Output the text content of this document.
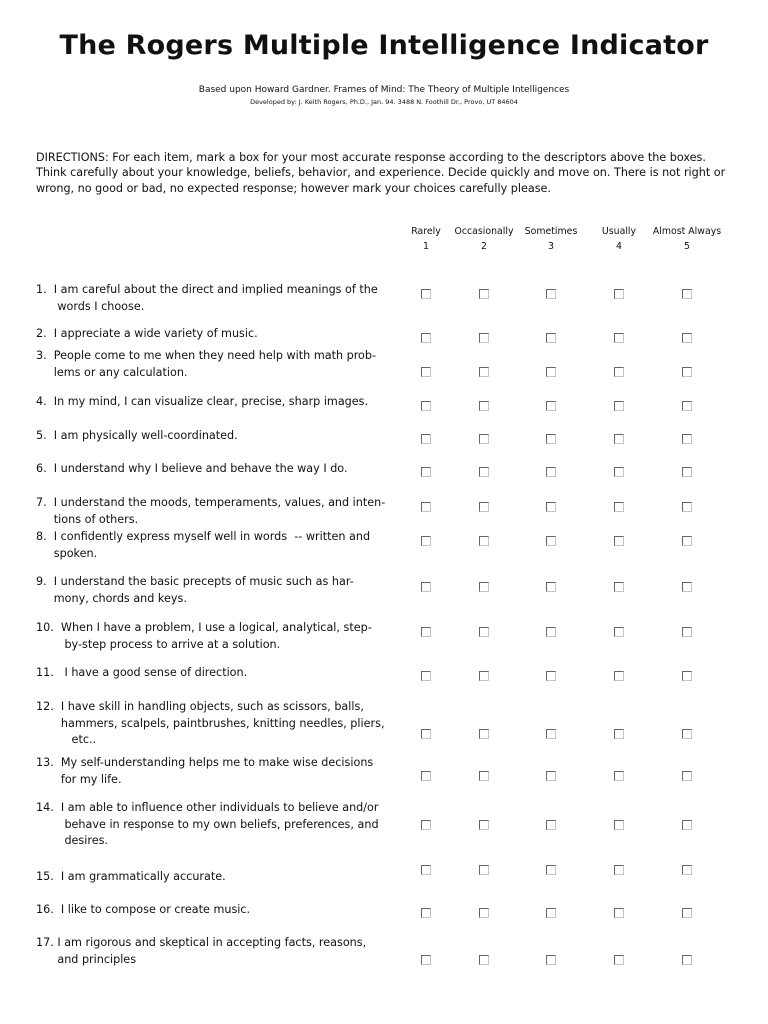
The Rogers Multiple Intelligence Indicator
Based upon Howard Gardner. Frames of Mind: The Theory of Multiple Intelligences
Developed by: J. Keith Rogers, Ph.D., Jan. 94. 3488 N. Foothill Dr., Provo, UT 84604
DIRECTIONS: For each item, mark a box for your most accurate response according to the descriptors above the boxes. Think carefully about your knowledge, beliefs, behavior, and experience. Decide quickly and move on. There is not right or wrong, no good or bad, no expected response; however mark your choices carefully please.
Rarely
1
Occasionally
2
Sometimes
3
Usually
4
Almost Always
5
1.  I am careful about the direct and implied meanings of the
words I choose.
2.  I appreciate a wide variety of music.
3.  People come to me when they need help with math prob-
lems or any calculation.
4.  In my mind, I can visualize clear, precise, sharp images.
5.  I am physically well-coordinated.
6.  I understand why I believe and behave the way I do.
7.  I understand the moods, temperaments, values, and inten-
tions of others.
8.  I confidently express myself well in words  -- written and
spoken.
9.  I understand the basic precepts of music such as har-
mony, chords and keys.
10.  When I have a problem, I use a logical, analytical, step-
by-step process to arrive at a solution.
11.   I have a good sense of direction.
12.  I have skill in handling objects, such as scissors, balls,
hammers, scalpels, paintbrushes, knitting needles, pliers,
etc..
13.  My self-understanding helps me to make wise decisions
for my life.
14.  I am able to influence other individuals to believe and/or
behave in response to my own beliefs, preferences, and
desires.
15.  I am grammatically accurate.
16.  I like to compose or create music.
17. I am rigorous and skeptical in accepting facts, reasons,
and principles
